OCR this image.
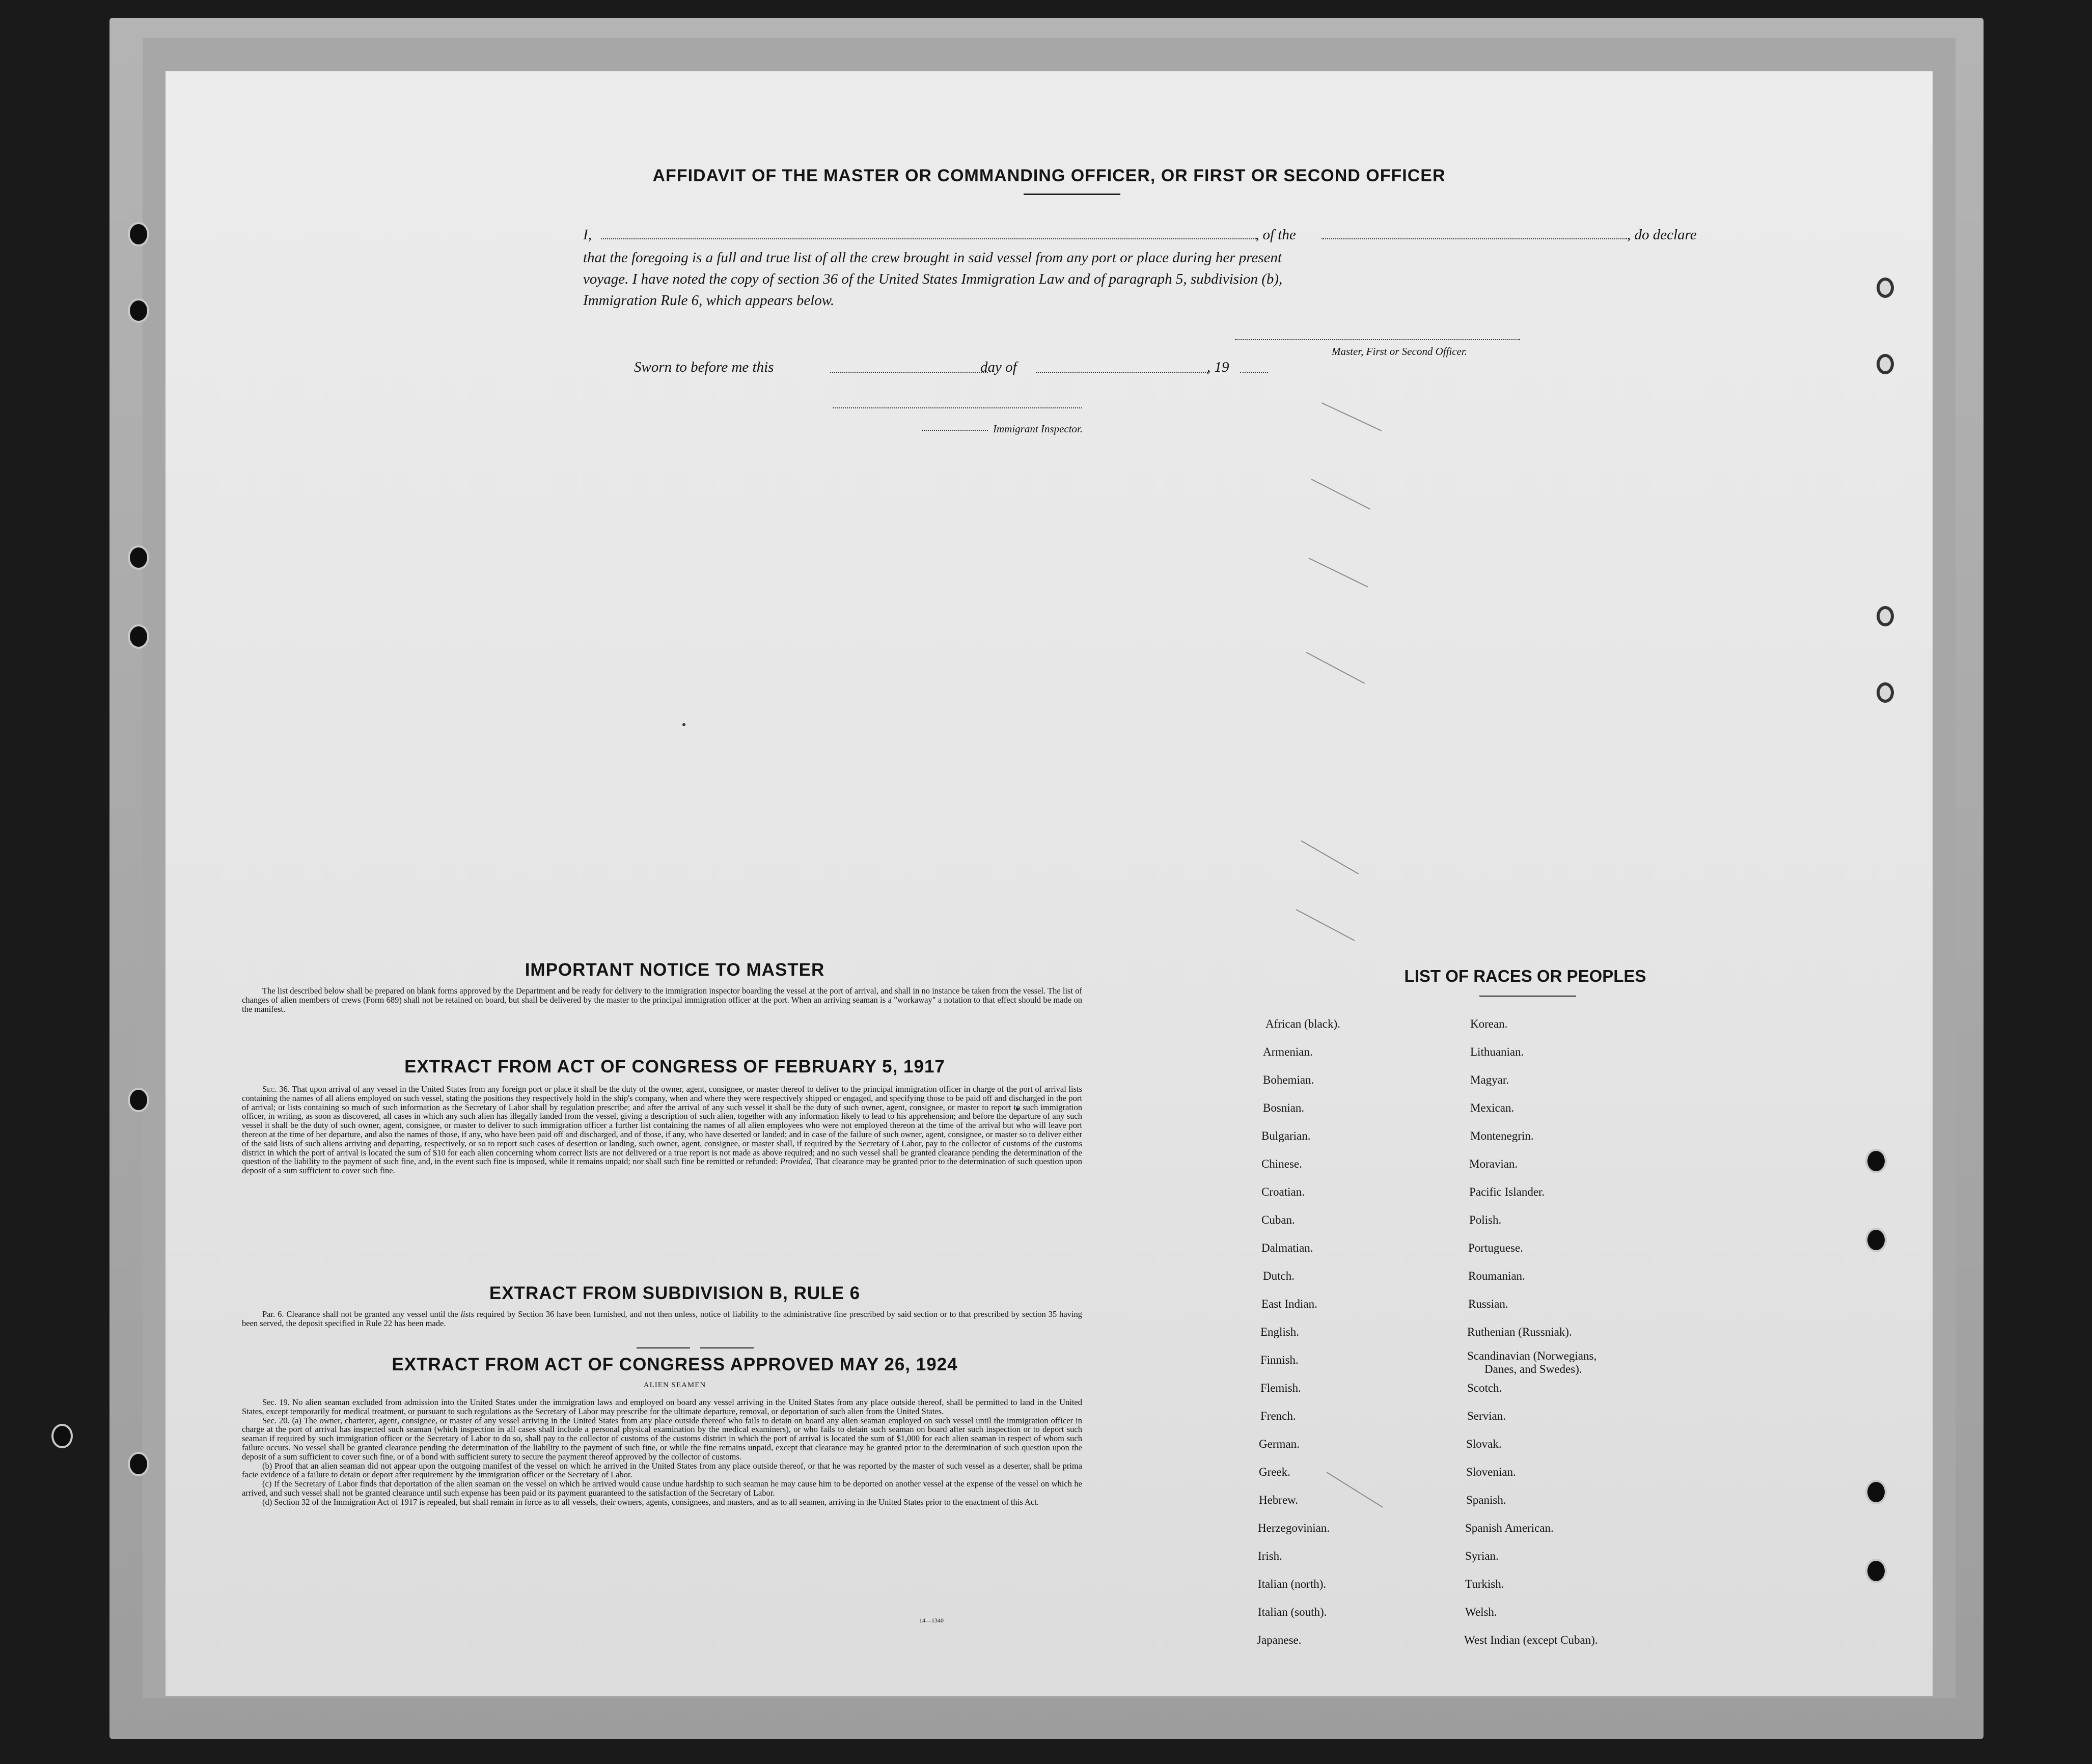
AFFIDAVIT OF THE MASTER OR COMMANDING OFFICER, OR FIRST OR SECOND OFFICER
I,	, of the	, do declare
that the foregoing is a full and true list of all the crew brought in said vessel from any port or place during her present
voyage. I have noted the copy of section 36 of the United States Immigration Law and of paragraph 5, subdivision (b),
Immigration Rule 6, which appears below.
Master, First or Second Officer.
Sworn to before me this	day of	, 19
Immigrant Inspector.
IMPORTANT NOTICE TO MASTER

The list described below shall be prepared on blank forms approved by the Department and be ready for delivery to the immigration inspector boarding the vessel at the port of arrival, and shall in no instance be taken from the vessel. The list of changes of alien members of crews (Form 689) shall not be retained on board, but shall be delivered by the master to the principal immigration officer at the port. When an arriving seaman is a "workaway" a notation to that effect should be made on the manifest.

EXTRACT FROM ACT OF CONGRESS OF FEBRUARY 5, 1917

Sec. 36. That upon arrival of any vessel in the United States from any foreign port or place it shall be the duty of the owner, agent, consignee, or master thereof to deliver to the principal immigration officer in charge of the port of arrival lists containing the names of all aliens employed on such vessel, stating the positions they respectively hold in the ship's company, when and where they were respectively shipped or engaged, and specifying those to be paid off and discharged in the port of arrival; or lists containing so much of such information as the Secretary of Labor shall by regulation prescribe; and after the arrival of any such vessel it shall be the duty of such owner, agent, consignee, or master to report to such immigration officer, in writing, as soon as discovered, all cases in which any such alien has illegally landed from the vessel, giving a description of such alien, together with any information likely to lead to his apprehension; and before the departure of any such vessel it shall be the duty of such owner, agent, consignee, or master to deliver to such immigration officer a further list containing the names of all alien employees who were not employed thereon at the time of the arrival but who will leave port thereon at the time of her departure, and also the names of those, if any, who have been paid off and discharged, and of those, if any, who have deserted or landed; and in case of the failure of such owner, agent, consignee, or master so to deliver either of the said lists of such aliens arriving and departing, respectively, or so to report such cases of desertion or landing, such owner, agent, consignee, or master shall, if required by the Secretary of Labor, pay to the collector of customs of the customs district in which the port of arrival is located the sum of $10 for each alien concerning whom correct lists are not delivered or a true report is not made as above required; and no such vessel shall be granted clearance pending the determination of the question of the liability to the payment of such fine, and, in the event such fine is imposed, while it remains unpaid; nor shall such fine be remitted or refunded: Provided, That clearance may be granted prior to the determination of such question upon deposit of a sum sufficient to cover such fine.

EXTRACT FROM SUBDIVISION B, RULE 6

Par. 6. Clearance shall not be granted any vessel until the lists required by Section 36 have been furnished, and not then unless, notice of liability to the administrative fine prescribed by said section or to that prescribed by section 35 having been served, the deposit specified in Rule 22 has been made.

EXTRACT FROM ACT OF CONGRESS APPROVED MAY 26, 1924
ALIEN SEAMEN

Sec. 19. No alien seaman excluded from admission into the United States under the immigration laws and employed on board any vessel arriving in the United States from any place outside thereof, shall be permitted to land in the United States, except temporarily for medical treatment, or pursuant to such regulations as the Secretary of Labor may prescribe for the ultimate departure, removal, or deportation of such alien from the United States.

Sec. 20. (a) The owner, charterer, agent, consignee, or master of any vessel arriving in the United States from any place outside thereof who fails to detain on board any alien seaman employed on such vessel until the immigration officer in charge at the port of arrival has inspected such seaman (which inspection in all cases shall include a personal physical examination by the medical examiners), or who fails to detain such seaman on board after such inspection or to deport such seaman if required by such immigration officer or the Secretary of Labor to do so, shall pay to the collector of customs of the customs district in which the port of arrival is located the sum of $1,000 for each alien seaman in respect of whom such failure occurs. No vessel shall be granted clearance pending the determination of the liability to the payment of such fine, or while the fine remains unpaid, except that clearance may be granted prior to the determination of such question upon the deposit of a sum sufficient to cover such fine, or of a bond with sufficient surety to secure the payment thereof approved by the collector of customs.

(b) Proof that an alien seaman did not appear upon the outgoing manifest of the vessel on which he arrived in the United States from any place outside thereof, or that he was reported by the master of such vessel as a deserter, shall be prima facie evidence of a failure to detain or deport after requirement by the immigration officer or the Secretary of Labor.

(c) If the Secretary of Labor finds that deportation of the alien seaman on the vessel on which he arrived would cause undue hardship to such seaman he may cause him to be deported on another vessel at the expense of the vessel on which he arrived, and such vessel shall not be granted clearance until such expense has been paid or its payment guaranteed to the satisfaction of the Secretary of Labor.

(d) Section 32 of the Immigration Act of 1917 is repealed, but shall remain in force as to all vessels, their owners, agents, consignees, and masters, and as to all seamen, arriving in the United States prior to the enactment of this Act.

14—1340
LIST OF RACES OR PEOPLES
African (black).
Armenian.
Bohemian.
Bosnian.
Bulgarian.
Chinese.
Croatian.
Cuban.
Dalmatian.
Dutch.
East Indian.
English.
Finnish.
Flemish.
French.
German.
Greek.
Hebrew.
Herzegovinian.
Irish.
Italian (north).
Italian (south).
Japanese.
Korean.
Lithuanian.
Magyar.
Mexican.
Montenegrin.
Moravian.
Pacific Islander.
Polish.
Portuguese.
Roumanian.
Russian.
Ruthenian (Russniak).
Scandinavian (Norwegians,
Danes, and Swedes).
Scotch.
Servian.
Slovak.
Slovenian.
Spanish.
Spanish American.
Syrian.
Turkish.
Welsh.
West Indian (except Cuban).
